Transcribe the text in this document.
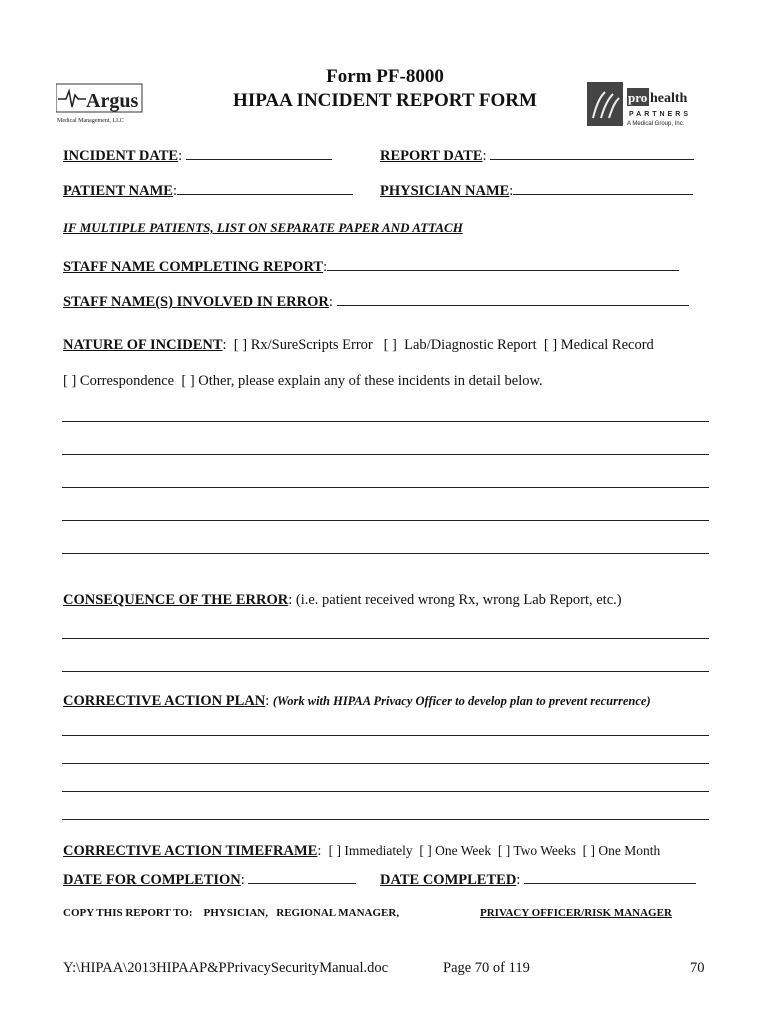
Argus
Medical Management, LLC
pro health
PARTNERS
A Medical Group, Inc.
Form PF-8000
HIPAA INCIDENT REPORT FORM
INCIDENT DATE:	REPORT DATE:
PATIENT NAME:	PHYSICIAN NAME:
IF MULTIPLE PATIENTS, LIST ON SEPARATE PAPER AND ATTACH
STAFF NAME COMPLETING REPORT:
STAFF NAME(S) INVOLVED IN ERROR:
NATURE OF INCIDENT:  [ ] Rx/SureScripts Error   [ ]  Lab/Diagnostic Report  [ ] Medical Record
[ ] Correspondence  [ ] Other, please explain any of these incidents in detail below.
CONSEQUENCE OF THE ERROR: (i.e. patient received wrong Rx, wrong Lab Report, etc.)
CORRECTIVE ACTION PLAN: (Work with HIPAA Privacy Officer to develop plan to prevent recurrence)
CORRECTIVE ACTION TIMEFRAME:  [ ] Immediately  [ ] One Week  [ ] Two Weeks  [ ] One Month
DATE FOR COMPLETION:	DATE COMPLETED:
COPY THIS REPORT TO: PHYSICIAN,   REGIONAL MANAGER,	PRIVACY OFFICER/RISK MANAGER
Y:\HIPAA\2013HIPAAP&PPrivacySecurityManual.doc	Page 70 of 119	70
